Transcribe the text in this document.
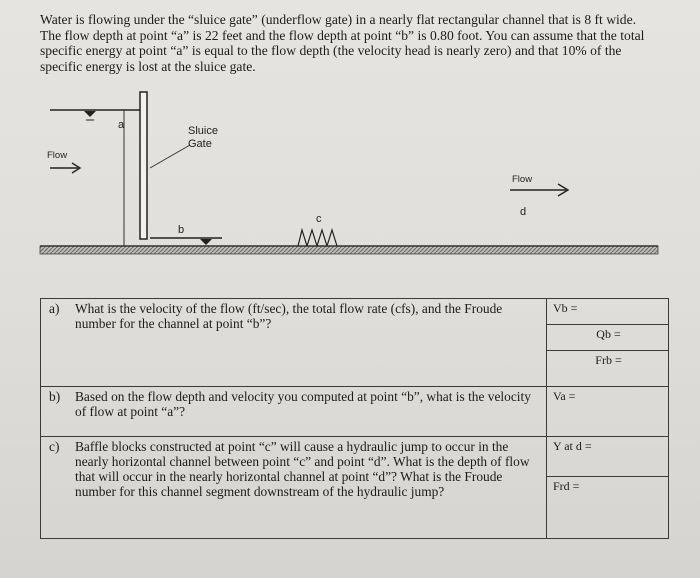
Water is flowing under the “sluice gate” (underflow gate) in a nearly flat rectangular channel that is 8 ft wide. The flow depth at point “a” is 22 feet and the flow depth at point “b” is 0.80 foot. You can assume that the total specific energy at point “a” is equal to the flow depth (the velocity head is nearly zero) and that 10% of the specific energy is lost at the sluice gate.

a	Sluice
Gate
Flow
b
c
Flow
d
a) What is the velocity of the flow (ft/sec), the total flow rate (cfs), and the Froude number for the channel at point “b”?	Vb =

	Qb =

	Frb =

b) Based on the flow depth and velocity you computed at point “b”, what is the velocity of flow at point “a”?	Va =

c) Baffle blocks constructed at point “c” will cause a hydraulic jump to occur in the nearly horizontal channel between point “c” and point “d”. What is the depth of flow that will occur in the nearly horizontal channel at point “d”? What is the Froude number for this channel segment downstream of the hydraulic jump?	Y at d =

	Frd =
